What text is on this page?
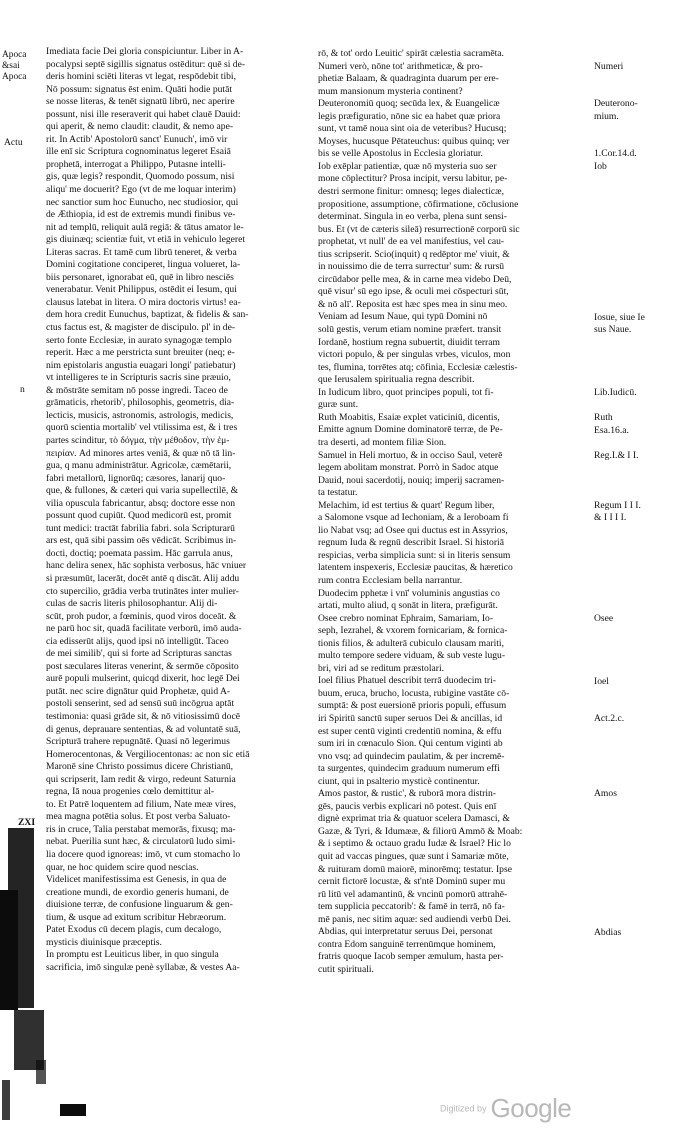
Apoca
&sai
Apoca
Actu
n
ZXI

Imediata facie Dei gloria conspiciuntur. Liber in A-

pocalypsi septē sigillis signatus ostēditur: quē si de-

deris homini sciēti literas vt legat, respōdebit tibi,

Nō possum: signatus ēst enim. Quāti hodie putāt

se nosse literas, & tenēt signatū librū, nec aperire

possunt, nisi ille reseraverit qui habet clauē Dauid:

qui aperit, & nemo claudit: claudit, & nemo ape-

rit. In Actib' Apostolorū sanct' Eunuch', imō vir

ille enī sic Scriptura cognominatus legeret Esaiā

prophetā, interrogat a Philippo, Putasne intelli-

gis, quæ legis? respondit, Quomodo possum, nisi

aliqu' me docuerit? Ego (vt de me loquar interim)

nec sanctior sum hoc Eunucho, nec studiosior, qui

de Æthiopia, id est de extremis mundi finibus ve-

nit ad templū, reliquit aulā regiā: & tātus amator le-

gis diuinæq; scientiæ fuit, vt etiā in vehiculo legeret

Literas sacras. Et tamē cum librū teneret, & verba

Domini cogitatione conciperet, lingua volueret, la-

biis personaret, ignorabat eū, quē in libro nesciēs

venerabatur. Venit Philippus, ostēdit ei Iesum, qui

clausus latebat in litera. O mira doctoris virtus! ea-

dem hora credit Eunuchus, baptizat, & fidelis & san-

ctus factus est, & magister de discipulo. pl' in de-

serto fonte Ecclesiæ, in aurato synagogæ templo

reperit. Hæc a me perstricta sunt breuiter (neq; e-

nim epistolaris angustia euagari longi' patiebatur)

vt intelligeres te in Scripturis sacris sine præuio,

& mōstrāte semitam nō posse ingredi. Taceo de

grāmaticis, rhetorib', philosophis, geometris, dia-

lecticis, musicis, astronomis, astrologis, medicis,

quorū scientia mortalib' vel vtilissima est, & i tres

partes scinditur, τὸ δόγμα, τὴν μέθοδον, τὴν ἐμ-

πειρίαν. Ad minores artes veniā, & quæ nō tā lin-

gua, q manu administrātur. Agricolæ, cæmētarii,

fabri metallorū, lignorūq; cæsores, lanarij quo-

que, & fullones, & cæteri qui varia supellectilē, &

vilia opuscula fabricantur, absq; doctore esse non

possunt quod cupiūt. Quod medicorū est, promit

tunt medici: tractāt fabrilia fabri. sola Scripturarū

ars est, quā sibi passim oēs vēdicāt. Scribimus in-

docti, doctiq; poemata passim. Hāc garrula anus,

hanc delira senex, hāc sophista verbosus, hāc vniuer

si præsumūt, lacerāt, docēt antē q discāt. Alij addu

cto supercilio, grādia verba trutinātes inter mulier-

culas de sacris literis philosophantur. Alij di-

scūt, proh pudor, a fœminis, quod viros doceāt. &

ne parū hoc sit, quadā facilitate verborū, imō auda-

cia edisserūt alijs, quod ipsi nō intelligūt. Taceo

de mei similib', qui si forte ad Scripturas sanctas

post sæculares literas venerint, & sermōe cōposito

aurē populi mulserint, quicqd dixerit, hoc legē Dei

putāt. nec scire dignātur quid Prophetæ, quid A-

postoli senserint, sed ad sensū suū incōgrua aptāt

testimonia: quasi grāde sit, & nō vitiosissimū docē

di genus, deprauare sententias, & ad voluntatē suā,

Scripturā trahere repugnātē. Quasi nō legerimus

Homerocentonas, & Vergiliocentonas: ac non sic etiā

Maronē sine Christo possimus dicere Christianū,

qui scripserit, Iam redit & virgo, redeunt Saturnia

regna, Iā noua progenies cœlo demittitur al-

to. Et Patrē loquentem ad filium, Nate meæ vires,

mea magna potētia solus. Et post verba Saluato-

ris in cruce, Talia perstabat memorās, fixusq; ma-

nebat. Puerilia sunt hæc, & circulatorū ludo simi-

lia docere quod ignoreas: imō, vt cum stomacho lo

quar, ne hoc quidem scire quod nescias.

Videlicet manifestissima est Genesis, in qua de

creatione mundi, de exordio generis humani, de

diuisione terræ, de confusione linguarum & gen-

tium, & usque ad exitum scribitur Hebræorum.

Patet Exodus cū decem plagis, cum decalogo,

mysticis diuinisque præceptis.

In promptu est Leuiticus liber, in quo singula

sacrificia, imō singulæ penè syllabæ, & vestes Aa-

rō, & tot' ordo Leuitic' spirāt cælestia sacramēta.

Numeri verò, nōne tot' arithmeticæ, & pro-

phetiæ Balaam, & quadraginta duarum per ere-

mum mansionum mysteria continent?

Deuteronomiū quoq; secūda lex, & Euangelicæ

legis præfiguratio, nōne sic ea habet quæ priora

sunt, vt tamē noua sint oia de veteribus? Hucusq;

Moyses, hucusque Pētateuchus: quibus quinq; ver

bis se velle Apostolus in Ecclesia gloriatur.

Iob exēplar patientiæ, quæ nō mysteria suo ser

mone cōplectitur? Prosa incipit, versu labitur, pe-

destri sermone finitur: omnesq; leges dialecticæ,

propositione, assumptione, cōfirmatione, cōclusione

determinat. Singula in eo verba, plena sunt sensi-

bus. Et (vt de cæteris sileā) resurrectionē corporū sic

prophetat, vt null' de ea vel manifestius, vel cau-

tius scripserit. Scio(inquit) q redēptor me' viuit, &

in nouissimo die de terra surrectur' sum: & rursū

circūdabor pelle mea, & in carne mea videbo Deū,

quē visur' sū ego ipse, & oculi mei cōspecturi sūt,

& nō alī'. Reposita est hæc spes mea in sinu meo.

Veniam ad Iesum Naue, qui typū Domini nō

solū gestis, verum etiam nomine præfert. transit

Iordanē, hostium regna subuertit, diuidit terram

victori populo, & per singulas vrbes, viculos, mon

tes, flumina, torrētes atq; cōfinia, Ecclesiæ cælestis-

que Ierusalem spiritualia regna describit.

In Iudicum libro, quot principes populi, tot fi-

guræ sunt.

Ruth Moabitis, Esaiæ explet vaticiniū, dicentis,

Emitte agnum Domine dominatorē terræ, de Pe-

tra deserti, ad montem filiæ Sion.

Samuel in Heli mortuo, & in occiso Saul, veterē

legem abolitam monstrat. Porrò in Sadoc atque

Dauid, noui sacerdotij, nouiq; imperij sacramen-

ta testatur.

Melachim, id est tertius & quart' Regum liber,

a Salomone vsque ad Iechoniam, & a Ieroboam fi

lio Nabat vsq; ad Osee qui ductus est in Assyrios,

regnum Iuda & regnū describit Israel. Si historiā

respicias, verba simplicia sunt: si in literis sensum

latentem inspexeris, Ecclesiæ paucitas, & hæretico

rum contra Ecclesiam bella narrantur.

Duodecim pphetæ i vnī' voluminis angustias co

artati, multo aliud, q sonāt in litera, præfigurāt.

Osee crebro nominat Ephraim, Samariam, Io-

seph, Iezrahel, & vxorem fornicariam, & fornica-

tionis filios, & adulterā cubiculo clausam mariti,

multo tempore sedere viduam, & sub veste lugu-

bri, viri ad se reditum præstolari.

Ioel filius Phatuel describit terrā duodecim tri-

buum, eruca, brucho, locusta, rubigine vastāte cō-

sumptā: & post euersionē prioris populi, effusum

iri Spiritū sanctū super seruos Dei & ancillas, id

est super centū viginti credentiū nomina, & effu

sum iri in cœnaculo Sion. Qui centum viginti ab

vno vsq; ad quindecim paulatim, & per incremē-

ta surgentes, quindecim graduum numerum effi

ciunt, qui in psalterio mysticè continentur.

Amos pastor, & rustic', & ruborā mora distrin-

gēs, paucis verbis explicari nō potest. Quis enī

dignè exprimat tria & quatuor scelera Damasci, &

Gazæ, & Tyri, & Idumææ, & filiorū Ammō & Moab:

& i septimo & octauo gradu Iudæ & Israel? Hic lo

quit ad vaccas pingues, quæ sunt i Samariæ mōte,

& ruituram domū maiorē, minorēmq; testatur. Ipse

cernit fictorē locustæ, & st'ntē Dominū super mu

rū litū vel adamantinū, & vncinū pomorū attrahē-

tem supplicia peccatorib': & famē in terrā, nō fa-

mē panis, nec sitim aquæ: sed audiendi verbū Dei.

Abdias, qui interpretatur seruus Dei, personat

contra Edom sanguinē terrenūmque hominem,

fratris quoque Iacob semper æmulum, hasta per-

cutit spirituali.

Numeri
Deuterono-
mium.
1.Cor.14.d.
Iob
Iosue, siue Ie
sus Naue.
Lib.Iudicū.
Ruth
Esa.16.a.
Reg.I.& I I.
Regum I I I.
& I I I I.
Osee
Ioel
Act.2.c.
Amos
Abdias
Digitized by Google
